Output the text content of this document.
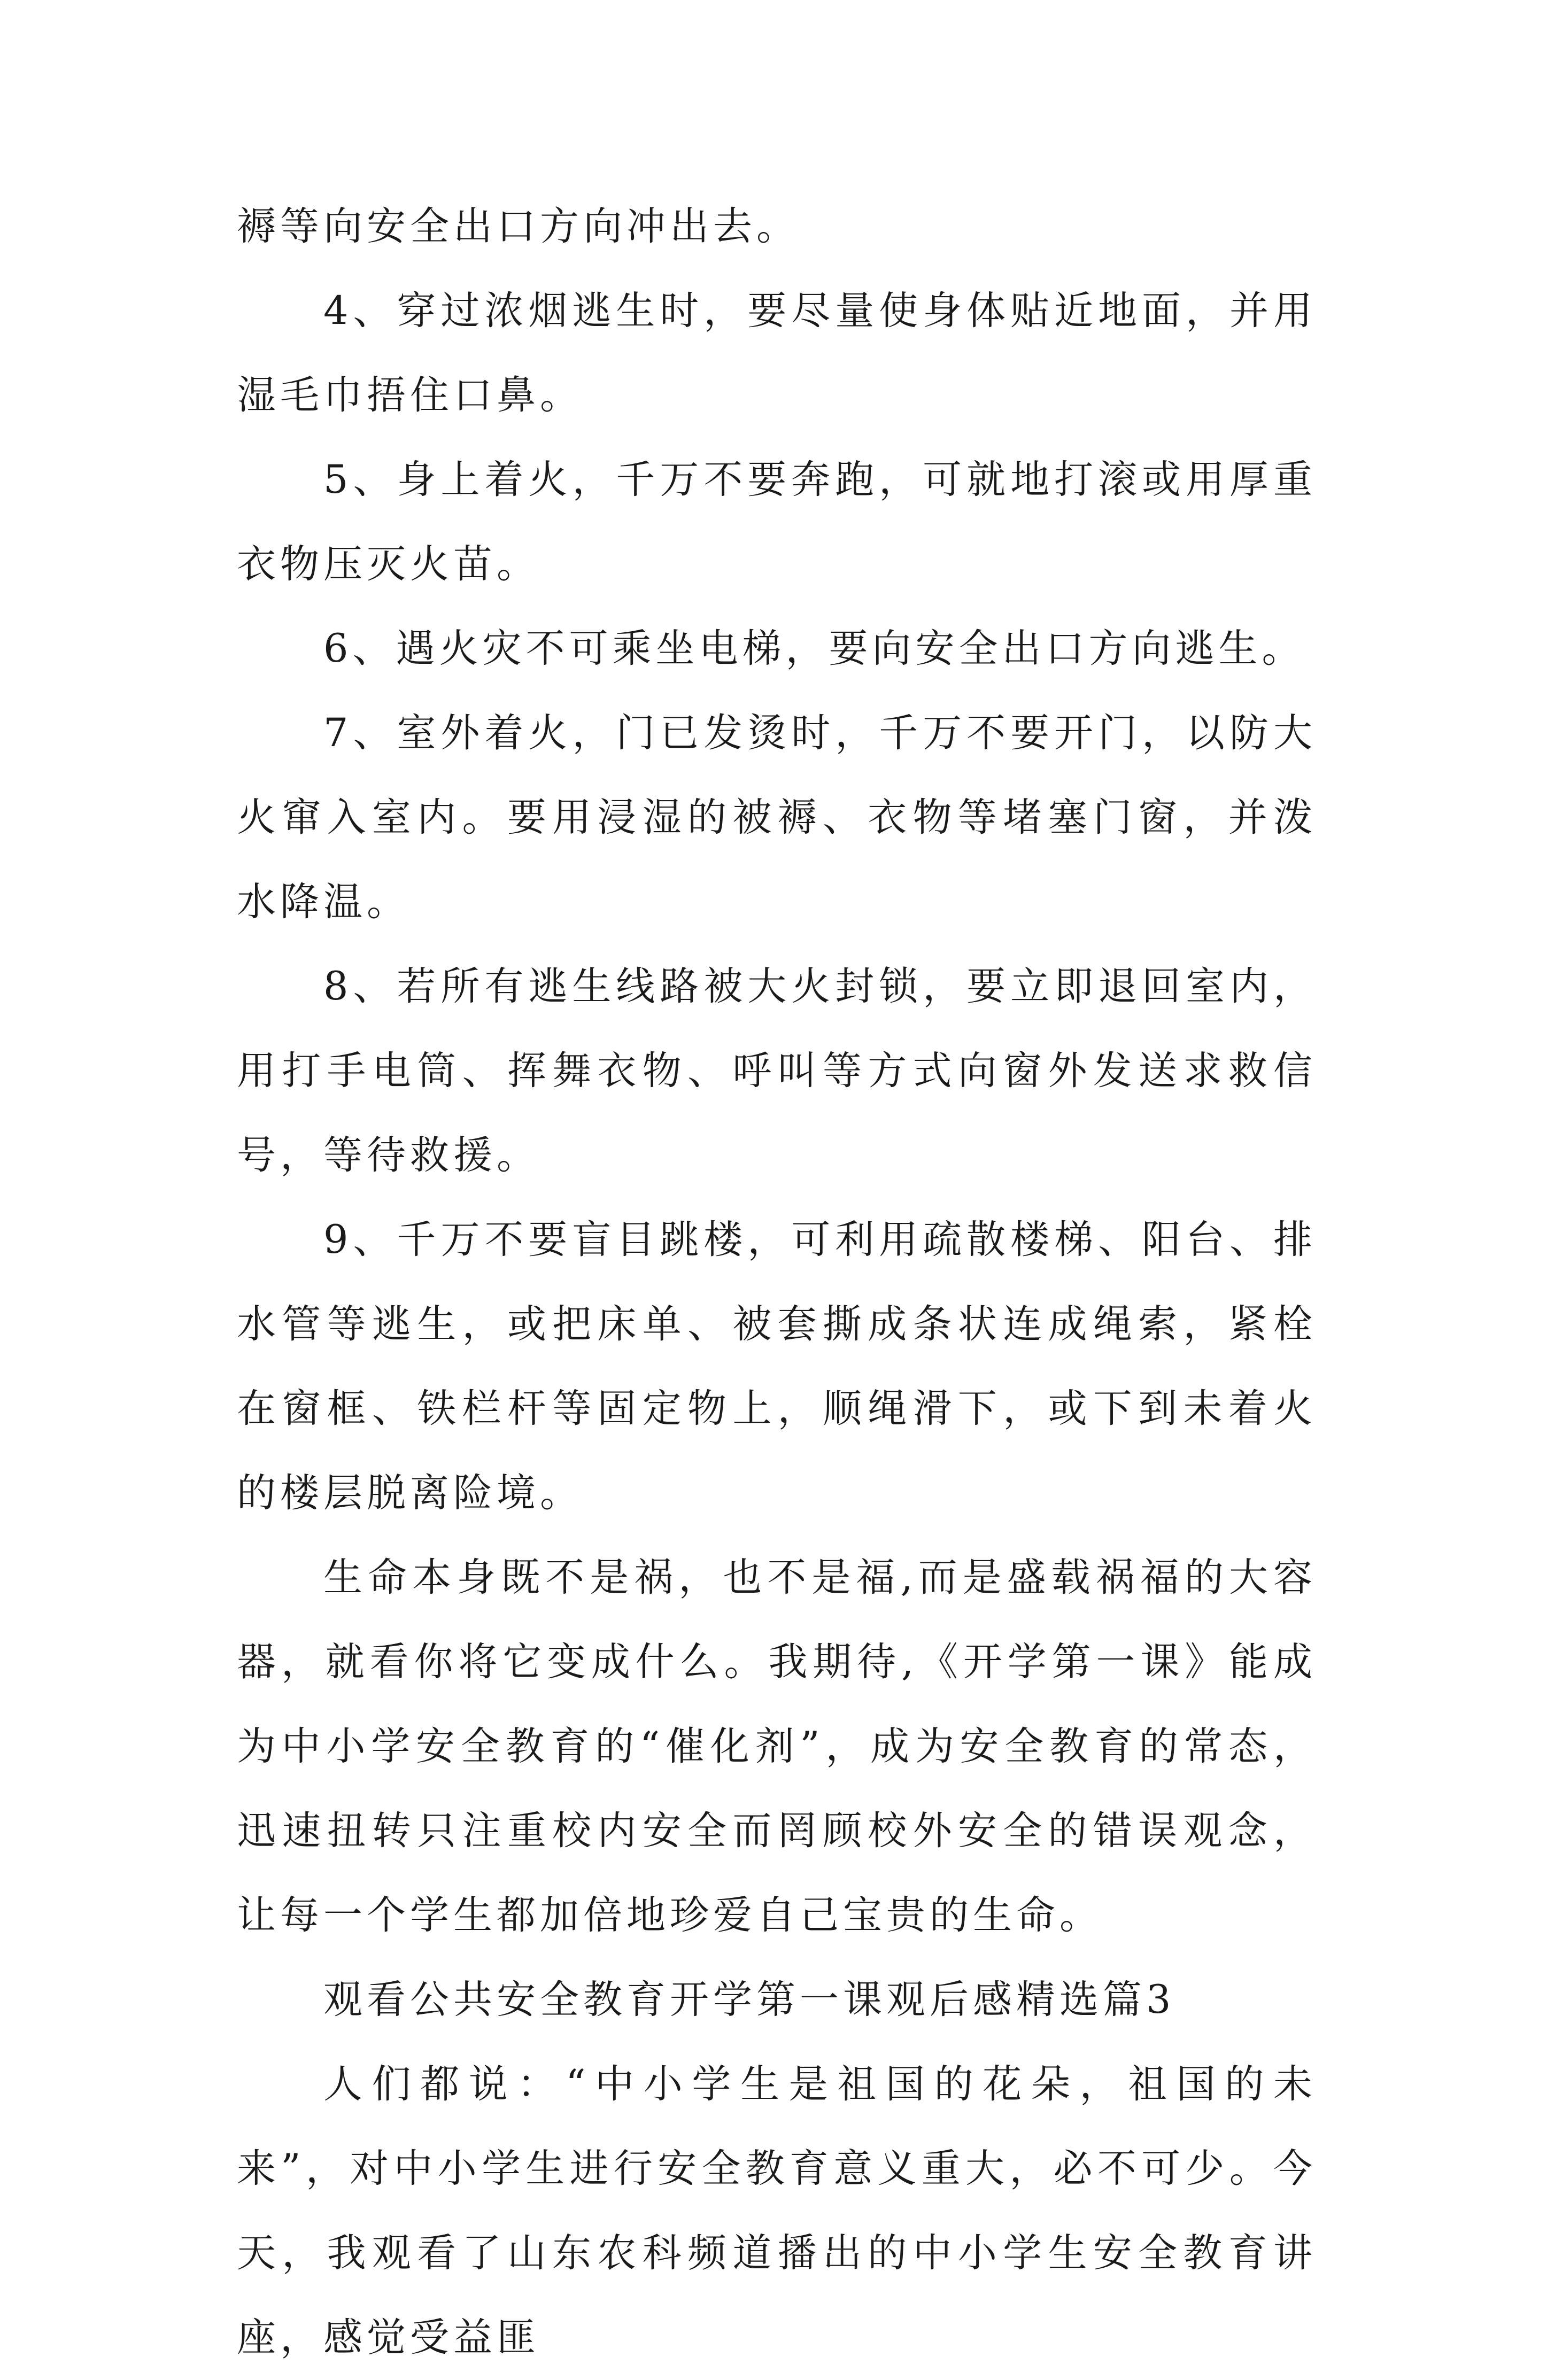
褥等向安全出口方向冲出去。

4、穿过浓烟逃生时，要尽量使身体贴近地面，并用湿毛巾捂住口鼻。

5、身上着火，千万不要奔跑，可就地打滚或用厚重衣物压灭火苗。

6、遇火灾不可乘坐电梯，要向安全出口方向逃生。

7、室外着火，门已发烫时，千万不要开门，以防大火窜入室内。要用浸湿的被褥、衣物等堵塞门窗，并泼水降温。

8、若所有逃生线路被大火封锁，要立即退回室内，用打手电筒、挥舞衣物、呼叫等方式向窗外发送求救信号，等待救援。

9、千万不要盲目跳楼，可利用疏散楼梯、阳台、排水管等逃生，或把床单、被套撕成条状连成绳索，紧栓在窗框、铁栏杆等固定物上，顺绳滑下，或下到未着火的楼层脱离险境。

生命本身既不是祸，也不是福,而是盛载祸福的大容器，就看你将它变成什么。我期待,《开学第一课》能成为中小学安全教育的“催化剂”，成为安全教育的常态，迅速扭转只注重校内安全而罔顾校外安全的错误观念，让每一个学生都加倍地珍爱自己宝贵的生命。

观看公共安全教育开学第一课观后感精选篇3

人们都说：“中小学生是祖国的花朵，祖国的未来”，对中小学生进行安全教育意义重大，必不可少。今天，我观看了山东农科频道播出的中小学生安全教育讲座，感觉受益匪
